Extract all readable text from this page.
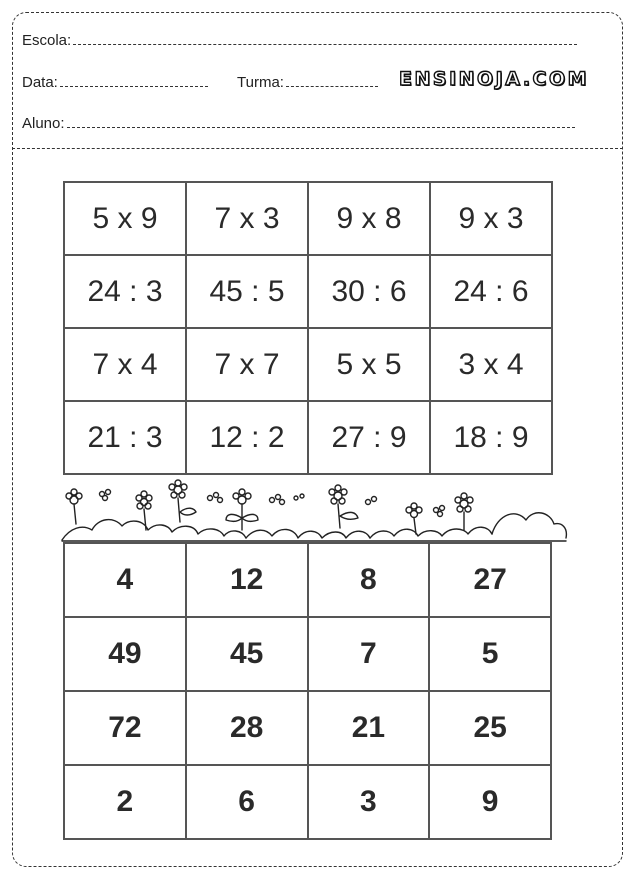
Escola:
Data:	Turma:	ENSINOJA.COM
Aluno:
5 x 9	7 x 3	9 x 8	9 x 3
24 : 3	45 : 5	30 : 6	24 : 6
7 x 4	7 x 7	5 x 5	3 x 4
21 : 3	12 : 2	27 : 9	18 : 9
4	12	8	27
49	45	7	5
72	28	21	25
2	6	3	9
